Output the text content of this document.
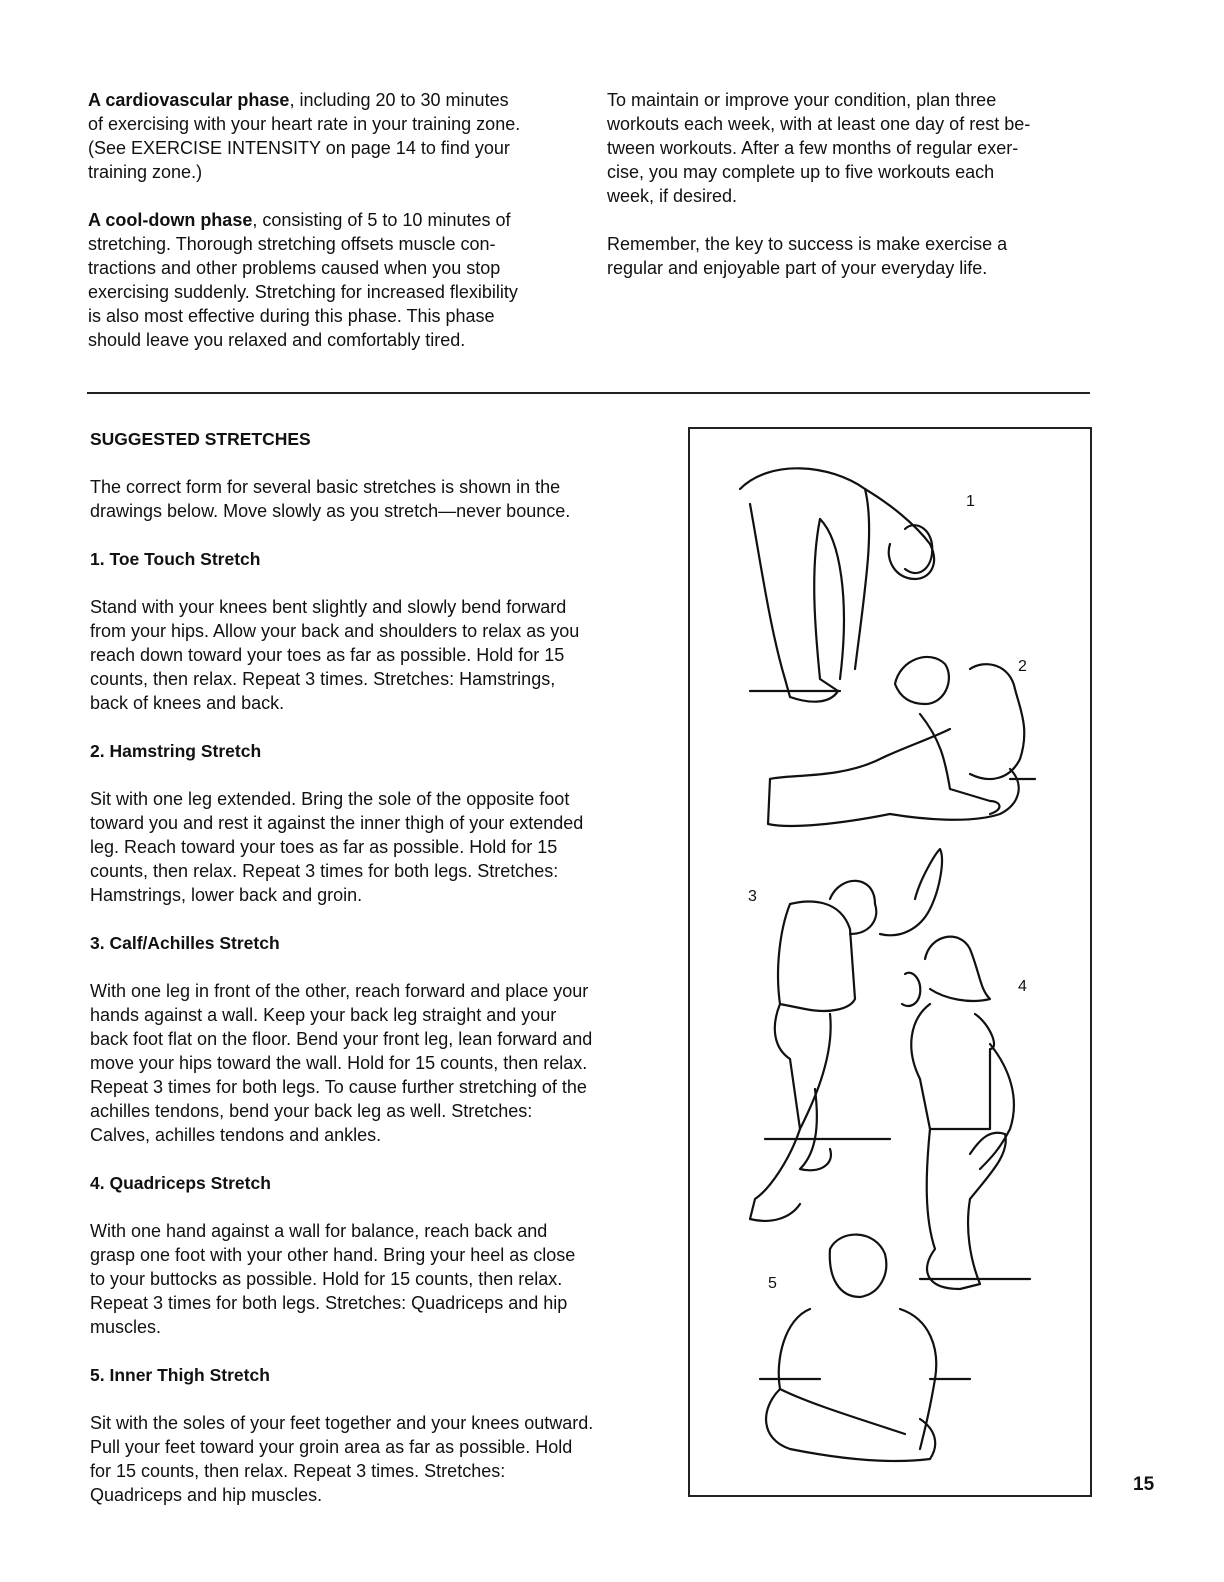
A cardiovascular phase, including 20 to 30 minutes
of exercising with your heart rate in your training zone.
(See EXERCISE INTENSITY on page 14 to find your
training zone.)
A cool-down phase, consisting of 5 to 10 minutes of
stretching. Thorough stretching offsets muscle con-
tractions and other problems caused when you stop
exercising suddenly. Stretching for increased flexibility
is also most effective during this phase. This phase
should leave you relaxed and comfortably tired.
To maintain or improve your condition, plan three
workouts each week, with at least one day of rest be-
tween workouts. After a few months of regular exer-
cise, you may complete up to five workouts each
week, if desired.
Remember, the key to success is make exercise a
regular and enjoyable part of your everyday life.
SUGGESTED STRETCHES
The correct form for several basic stretches is shown in the
drawings below. Move slowly as you stretch—never bounce.
1. Toe Touch Stretch
Stand with your knees bent slightly and slowly bend forward
from your hips. Allow your back and shoulders to relax as you
reach down toward your toes as far as possible. Hold for 15
counts, then relax. Repeat 3 times. Stretches: Hamstrings,
back of knees and back.
2. Hamstring Stretch
Sit with one leg extended. Bring the sole of the opposite foot
toward you and rest it against the inner thigh of your extended
leg. Reach toward your toes as far as possible. Hold for 15
counts, then relax. Repeat 3 times for both legs. Stretches:
Hamstrings, lower back and groin.
3. Calf/Achilles Stretch
With one leg in front of the other, reach forward and place your
hands against a wall. Keep your back leg straight and your
back foot flat on the floor. Bend your front leg, lean forward and
move your hips toward the wall. Hold for 15 counts, then relax.
Repeat 3 times for both legs. To cause further stretching of the
achilles tendons, bend your back leg as well. Stretches:
Calves, achilles tendons and ankles.
4. Quadriceps Stretch
With one hand against a wall for balance, reach back and
grasp one foot with your other hand. Bring your heel as close
to your buttocks as possible. Hold for 15 counts, then relax.
Repeat 3 times for both legs. Stretches: Quadriceps and hip
muscles.
5. Inner Thigh Stretch
Sit with the soles of your feet together and your knees outward.
Pull your feet toward your groin area as far as possible. Hold
for 15 counts, then relax. Repeat 3 times. Stretches:
Quadriceps and hip muscles.
1
2
3
4
5
15
